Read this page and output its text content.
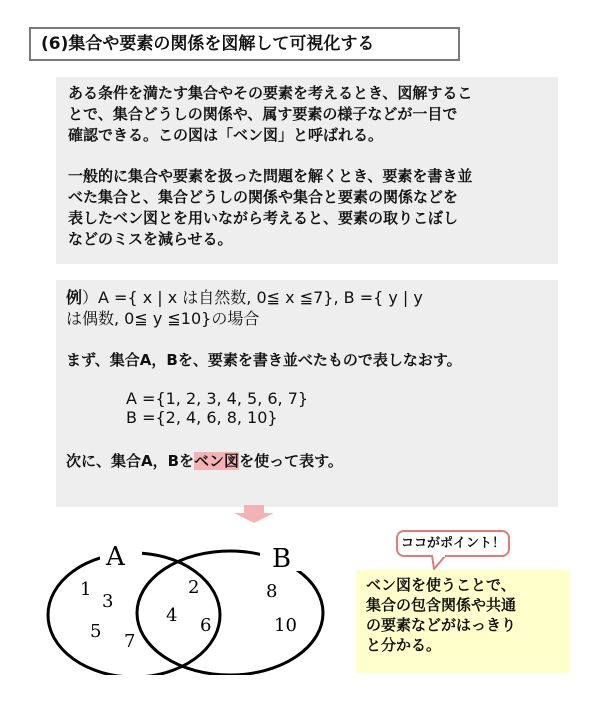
(6)集合や要素の関係を図解して可視化する

ある条件を満たす集合やその要素を考えるとき、図解するこ
とで、集合どうしの関係や、属す要素の様子などが一目で
確認できる。この図は「ベン図」と呼ばれる。

一般的に集合や要素を扱った問題を解くとき、要素を書き並
べた集合と、集合どうしの関係や集合と要素の関係などを
表したベン図とを用いながら考えると、要素の取りこぼし
などのミスを減らせる。

例）A ={ x | x は自然数, 0≦ x ≦7}, B ={ y | y
は偶数, 0≦ y ≦10}の場合

まず、集合A，Bを、要素を書き並べたもので表しなおす。

A ={1, 2, 3, 4, 5, 6, 7}
B ={2, 4, 6, 8, 10}

次に、集合A，Bをベン図を使って表す。

A	B
1
3
5 7
2
4 6
8
10
ココがポイント！
ベン図を使うことで、
集合の包含関係や共通
の要素などがはっきり
と分かる。
